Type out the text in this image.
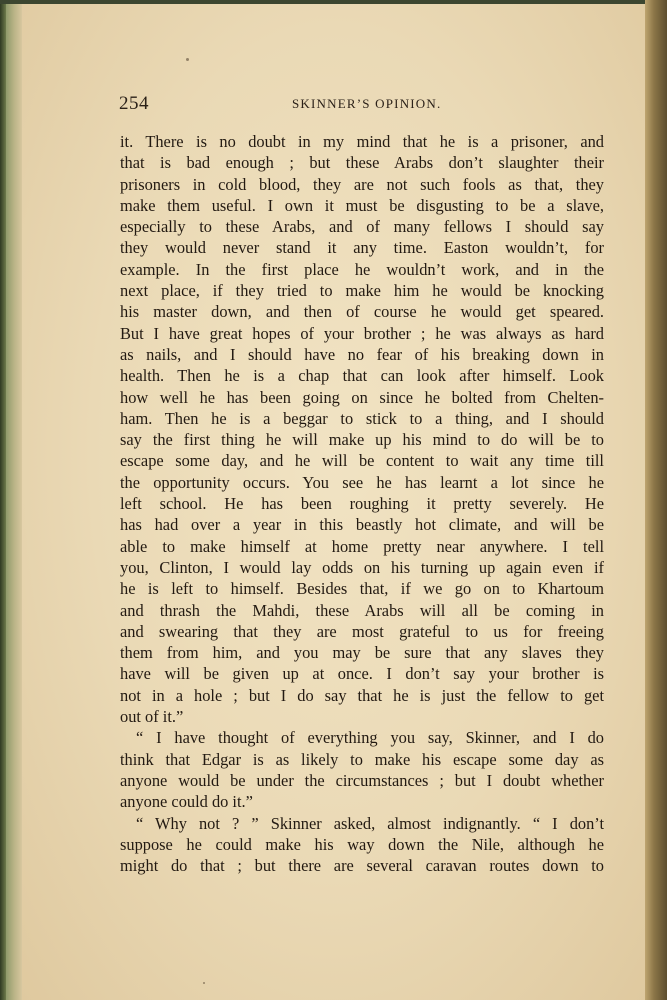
254	SKINNER’S OPINION.
it. There is no doubt in my mind that he is a prisoner, and
that is bad enough ; but these Arabs don’t slaughter their
prisoners in cold blood, they are not such fools as that, they
make them useful. I own it must be disgusting to be a slave,
especially to these Arabs, and of many fellows I should say
they would never stand it any time. Easton wouldn’t, for
example. In the first place he wouldn’t work, and in the
next place, if they tried to make him he would be knocking
his master down, and then of course he would get speared.
But I have great hopes of your brother ; he was always as hard
as nails, and I should have no fear of his breaking down in
health. Then he is a chap that can look after himself. Look
how well he has been going on since he bolted from Chelten-
ham. Then he is a beggar to stick to a thing, and I should
say the first thing he will make up his mind to do will be to
escape some day, and he will be content to wait any time till
the opportunity occurs. You see he has learnt a lot since he
left school. He has been roughing it pretty severely. He
has had over a year in this beastly hot climate, and will be
able to make himself at home pretty near anywhere. I tell
you, Clinton, I would lay odds on his turning up again even if
he is left to himself. Besides that, if we go on to Khartoum
and thrash the Mahdi, these Arabs will all be coming in
and swearing that they are most grateful to us for freeing
them from him, and you may be sure that any slaves they
have will be given up at once. I don’t say your brother is
not in a hole ; but I do say that he is just the fellow to get
out of it.”
“ I have thought of everything you say, Skinner, and I do
think that Edgar is as likely to make his escape some day as
anyone would be under the circumstances ; but I doubt whether
anyone could do it.”
“ Why not ? ” Skinner asked, almost indignantly. “ I don’t
suppose he could make his way down the Nile, although he
might do that ; but there are several caravan routes down to
